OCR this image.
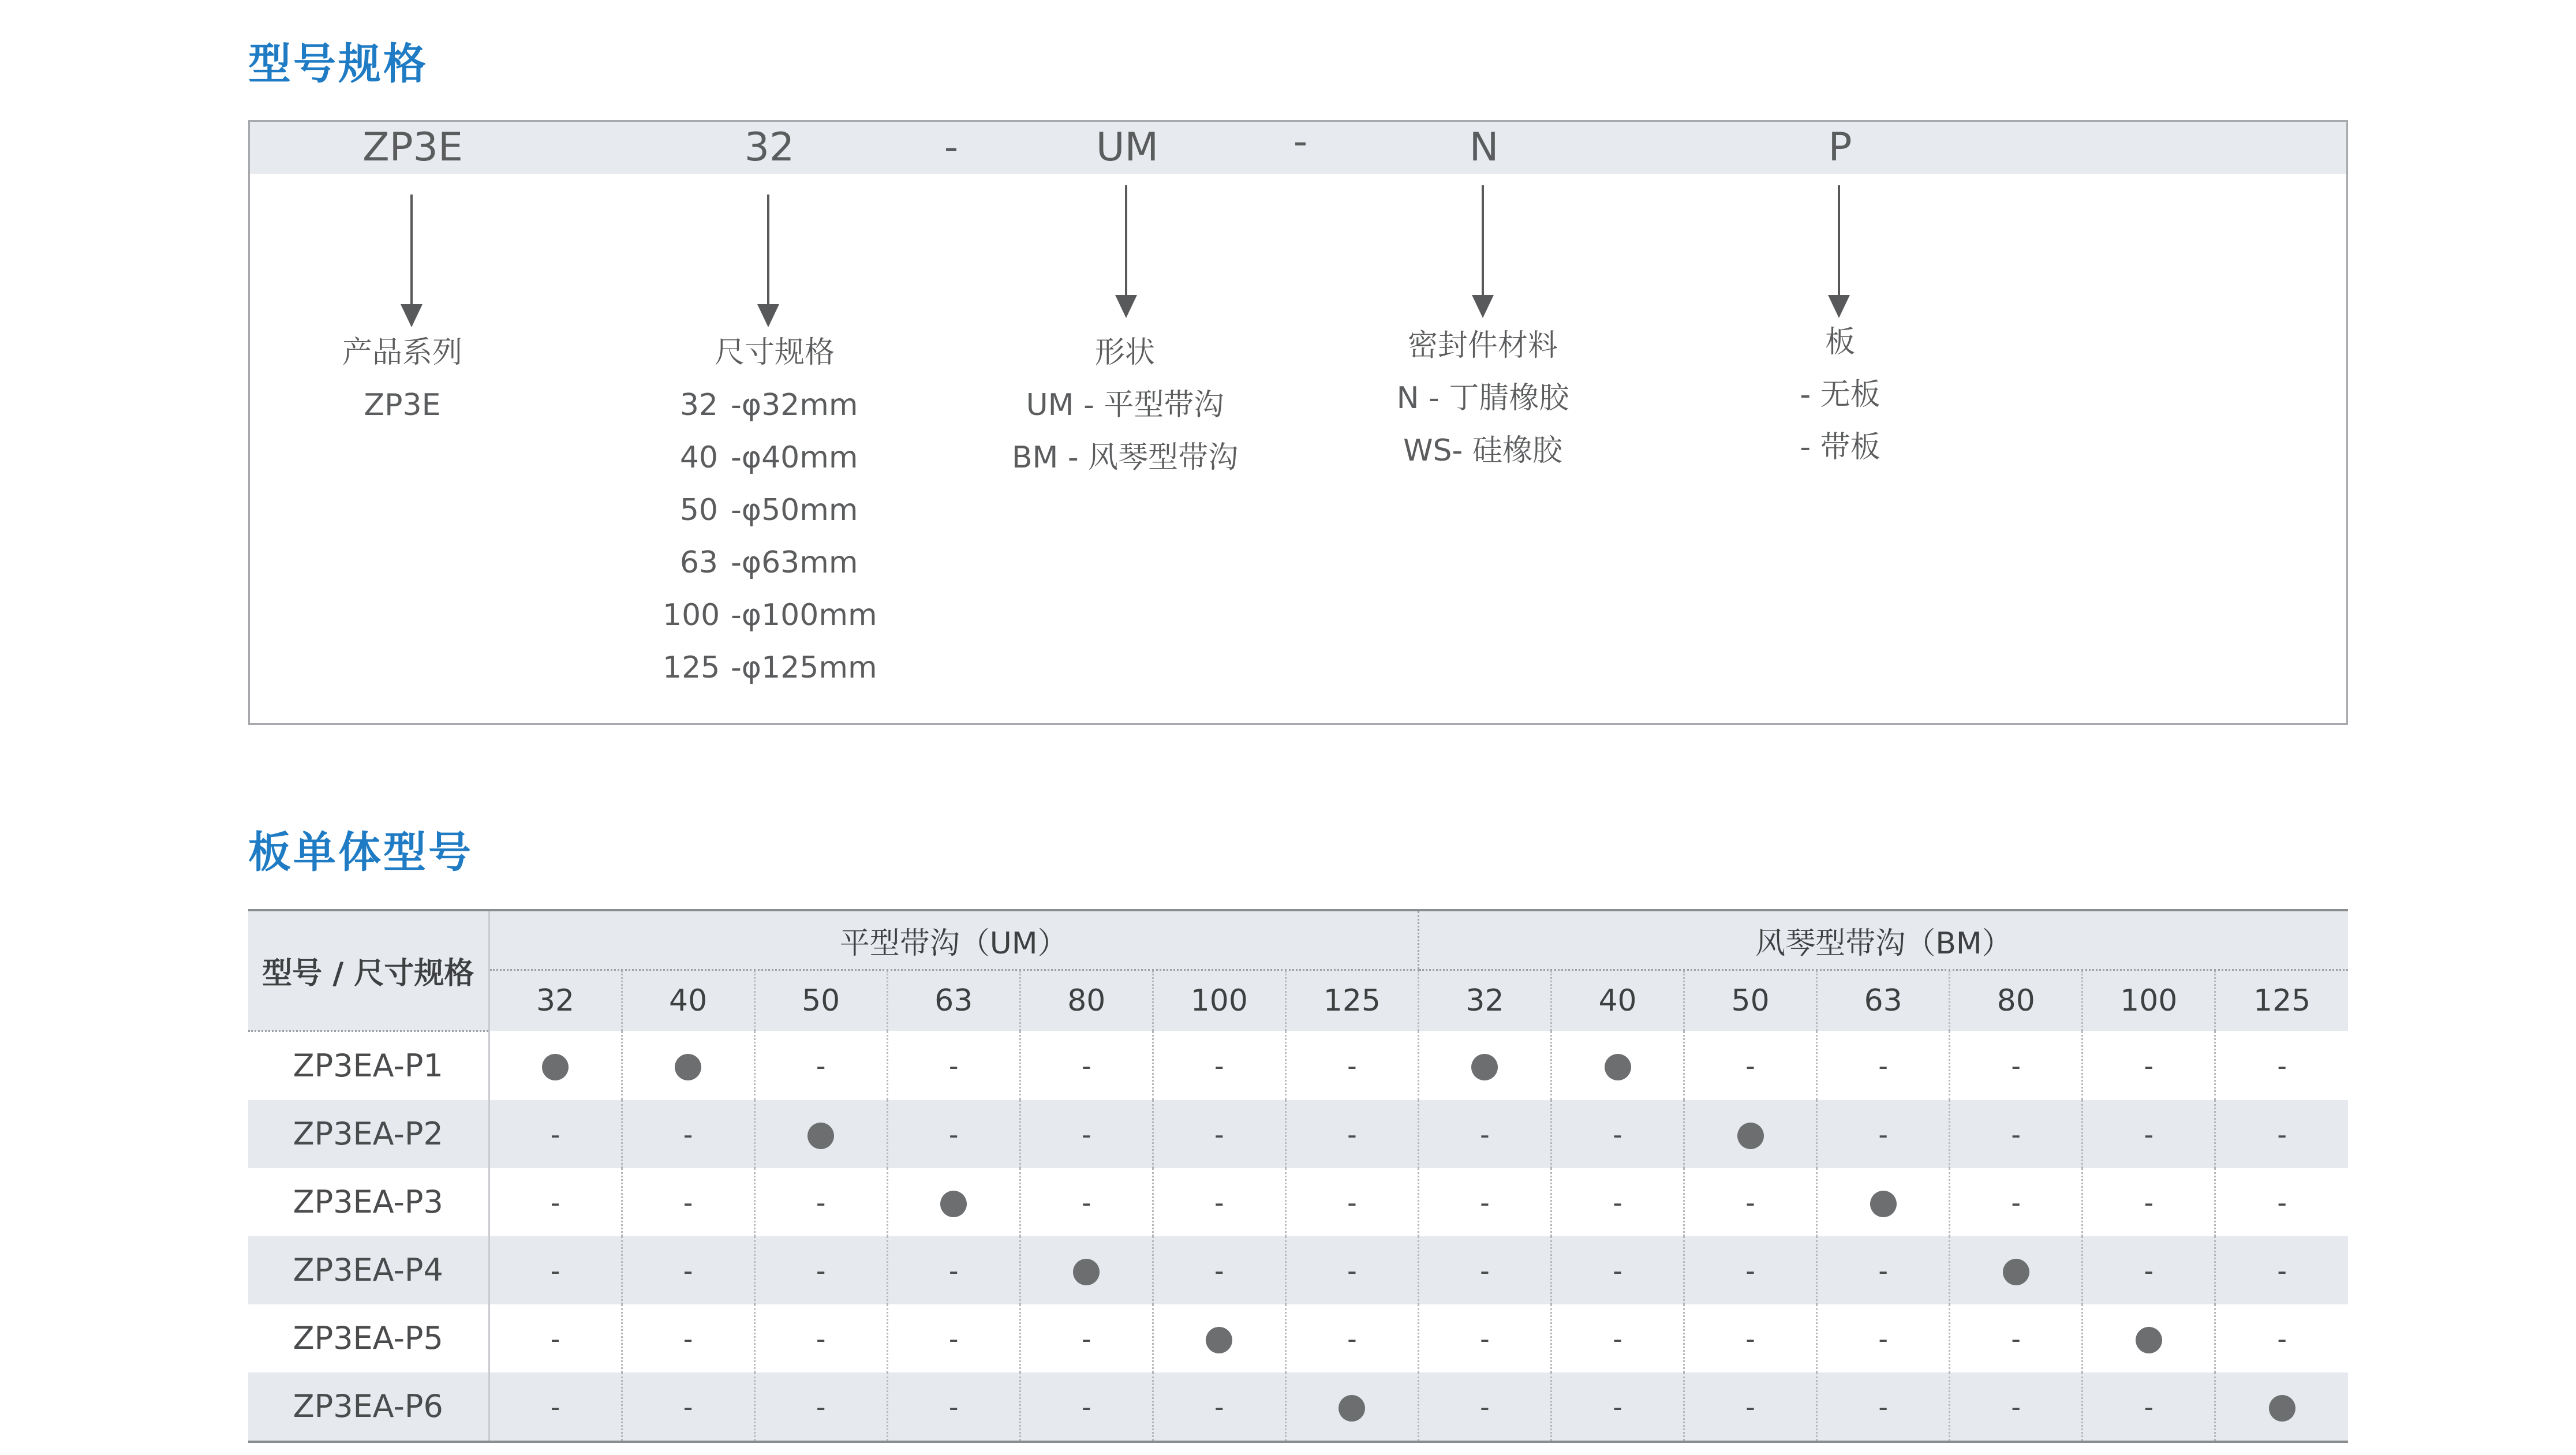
型号规格
ZP3E	32	-	UM	-	N	P
产品系列
ZP3E
尺寸规格
32 -φ32mm
40 -φ40mm
50 -φ50mm
63 -φ63mm
100 -φ100mm
125 -φ125mm
形状
UM - 平型带沟
BM - 风琴型带沟
密封件材料
N - 丁腈橡胶
WS- 硅橡胶
板
- 无板
- 带板
板单体型号
型号 / 尺寸规格	平型带沟（UM）							风琴型带沟（BM）						
	32	40	50	63	80	100	125	32	40	50	63	80	100	125
ZP3EA-P1			-	-	-	-	-			-	-	-	-	-
ZP3EA-P2	-	-		-	-	-	-	-	-		-	-	-	-
ZP3EA-P3	-	-	-		-	-	-	-	-	-		-	-	-
ZP3EA-P4	-	-	-	-		-	-	-	-	-	-		-	-
ZP3EA-P5	-	-	-	-	-		-	-	-	-	-	-		-
ZP3EA-P6	-	-	-	-	-	-		-	-	-	-	-	-	
